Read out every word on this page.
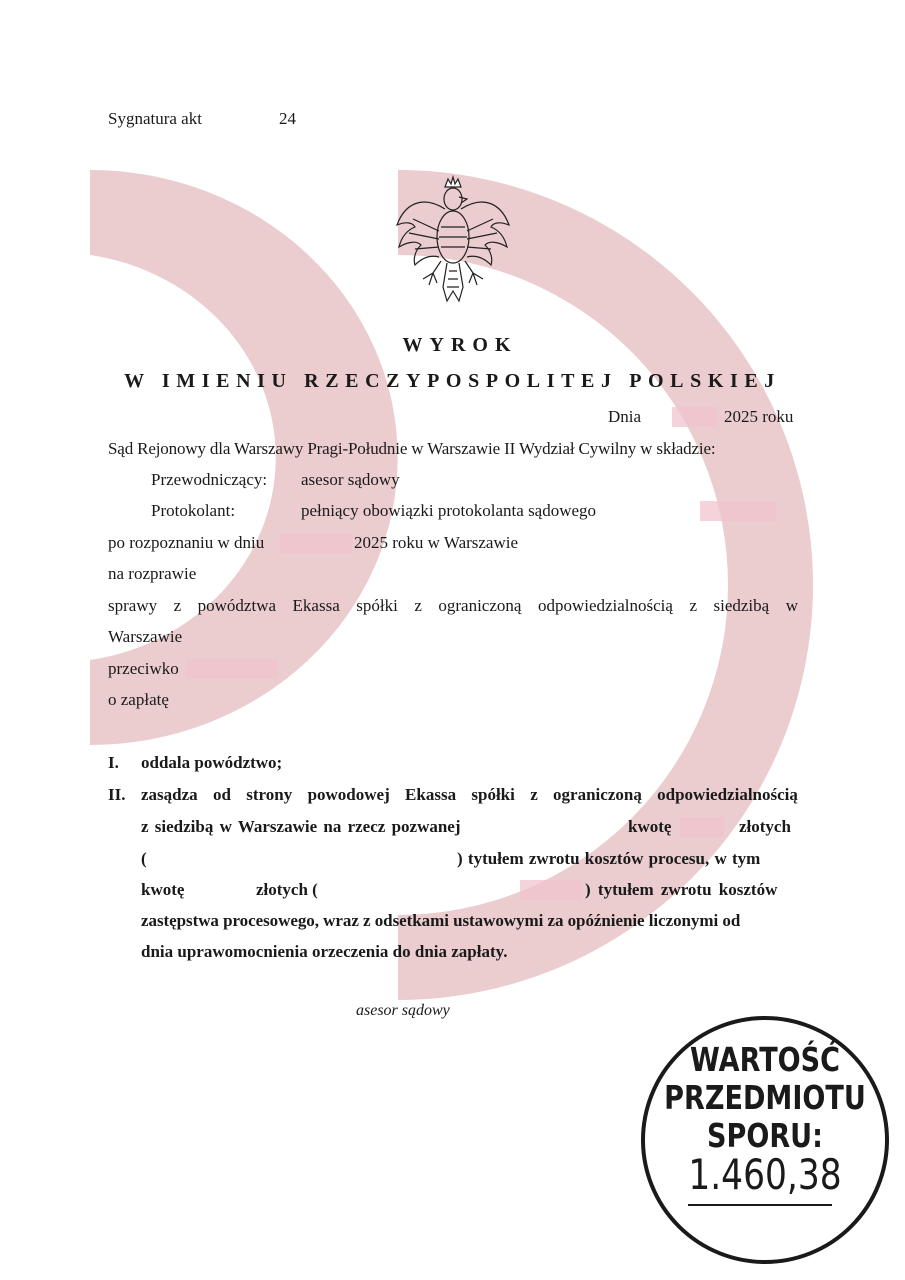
Sygnatura akt	24
WYROK
W IMIENIU RZECZYPOSPOLITEJ POLSKIEJ
Dnia	2025 roku
Sąd Rejonowy dla Warszawy Pragi-Południe w Warszawie II Wydział Cywilny w składzie:
Przewodniczący: asesor sądowy
Protokolant:	pełniący obowiązki protokolanta sądowego
po rozpoznaniu w dniu	2025 roku w Warszawie
na rozprawie
sprawy z powództwa Ekassa spółki z ograniczoną odpowiedzialnością z siedzibą w
Warszawie
przeciwko
o zapłatę
I. oddala powództwo;
II. zasądza od strony powodowej Ekassa spółki z ograniczoną odpowiedzialnością
z siedzibą w Warszawie na rzecz pozwanej	kwotę	złotych
(	) tytułem zwrotu kosztów procesu, w tym
kwotę	złotych (	) tytułem zwrotu kosztów
zastępstwa procesowego, wraz z odsetkami ustawowymi za opóźnienie liczonymi od
dnia uprawomocnienia orzeczenia do dnia zapłaty.
asesor sądowy
WARTOŚĆ
PRZEDMIOTU
SPORU:
1.460,38
